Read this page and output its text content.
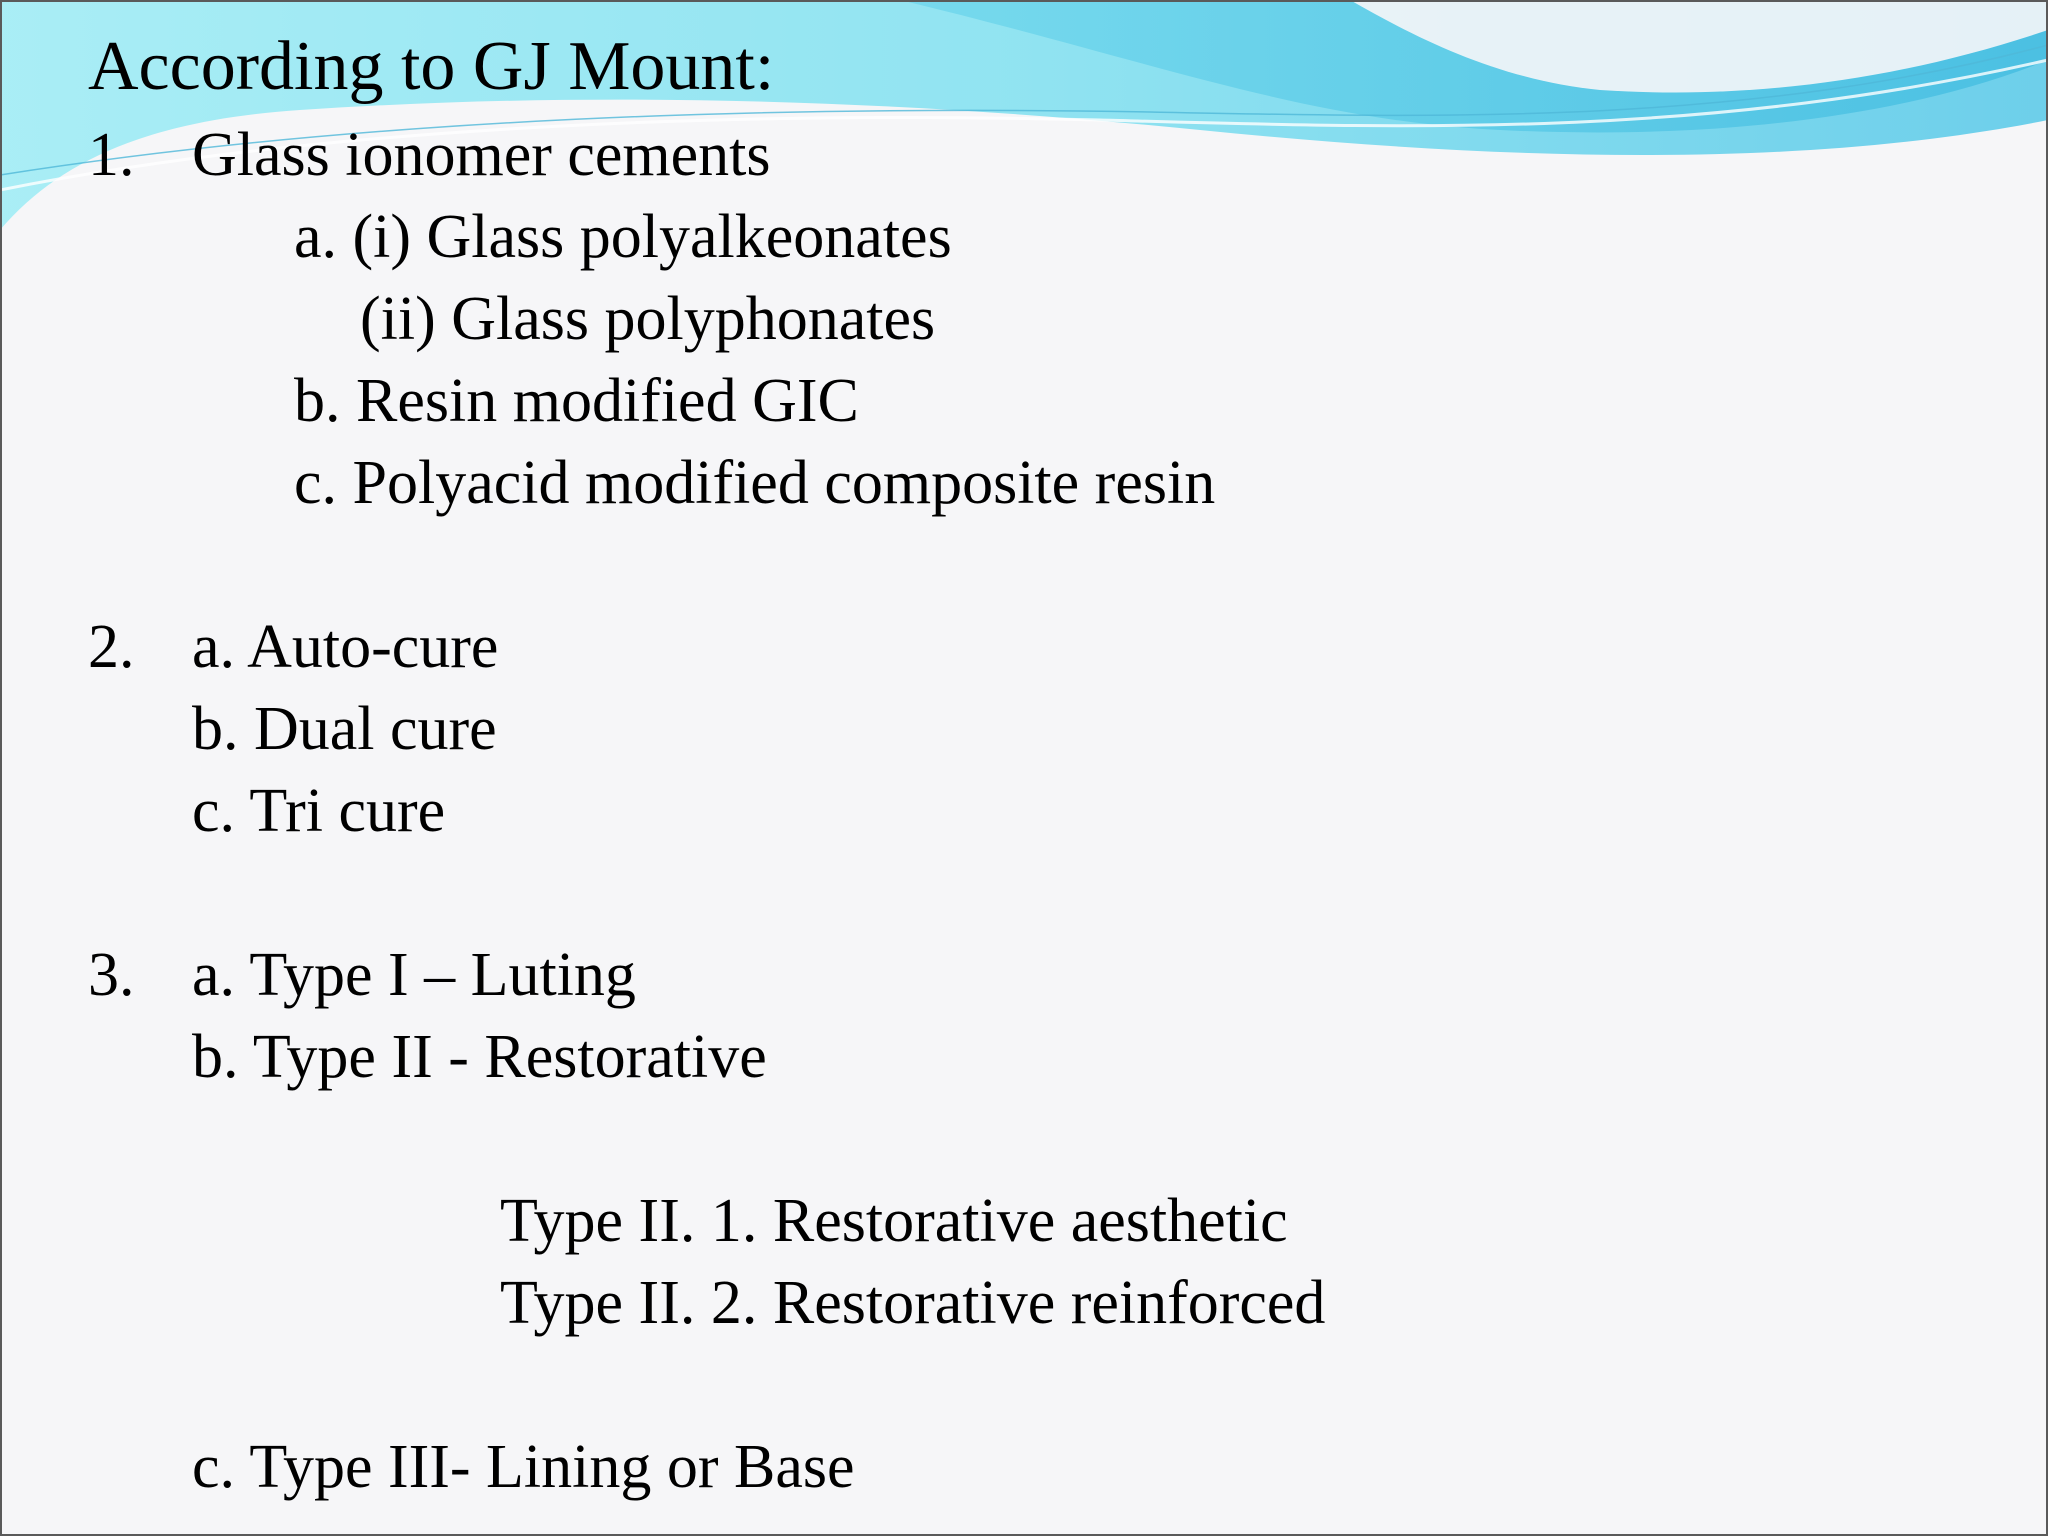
According to GJ Mount:
1. Glass ionomer cements
a. (i) Glass polyalkeonates
(ii) Glass polyphonates
b. Resin modified GIC
c. Polyacid modified composite resin
2. a. Auto-cure
b. Dual cure
c. Tri cure
3. a. Type I – Luting
b. Type II - Restorative
Type II. 1. Restorative aesthetic
Type II. 2. Restorative reinforced
c. Type III- Lining or Base
